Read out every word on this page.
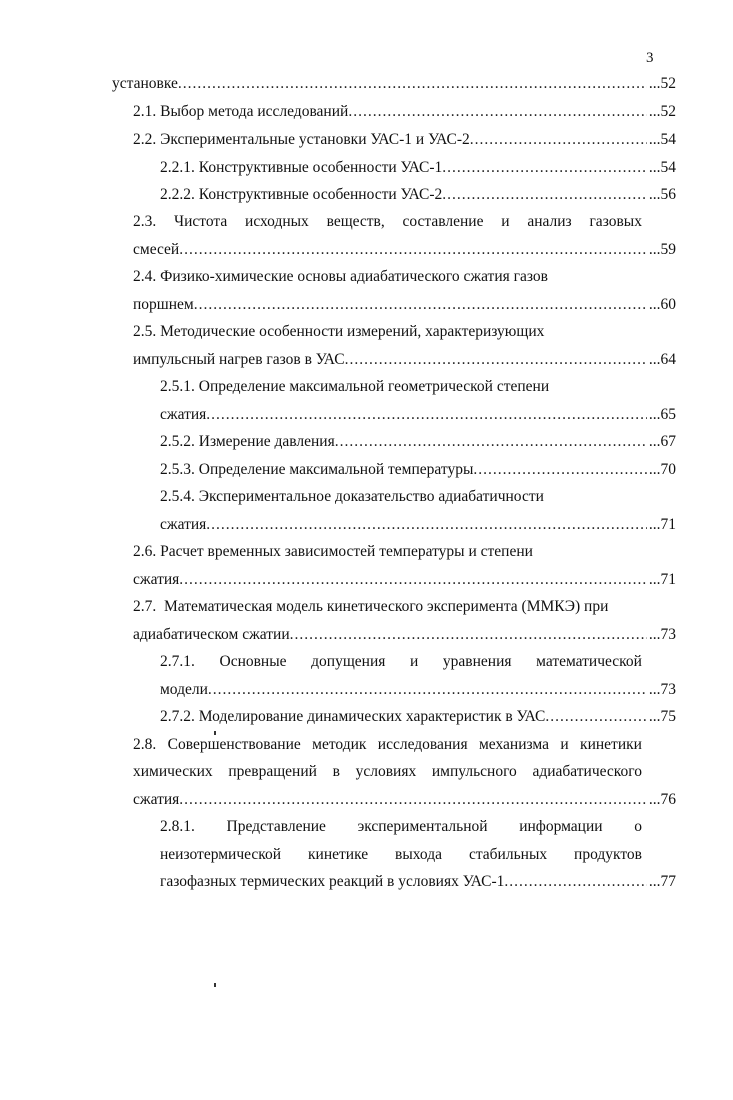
3
установке .....	...52
2.1. Выбор метода исследований .....	...52
2.2. Экспериментальные установки УАС-1 и УАС-2 .....	...54
2.2.1. Конструктивные особенности УАС-1 .....	...54
2.2.2. Конструктивные особенности УАС-2 .....	...56
2.3. Чистота исходных веществ, составление и анализ газовых
смесей .....	...59
2.4. Физико-химические основы адиабатического сжатия газов
поршнем .....	...60
2.5. Методические особенности измерений, характеризующих
импульсный нагрев газов в УАС .....	...64
2.5.1. Определение максимальной геометрической степени
сжатия .....	...65
2.5.2. Измерение давления .....	...67
2.5.3. Определение максимальной температуры .....	...70
2.5.4. Экспериментальное доказательство адиабатичности
сжатия .....	...71
2.6. Расчет временных зависимостей температуры и степени
сжатия .....	...71
2.7.  Математическая модель кинетического эксперимента (ММКЭ) при
адиабатическом сжатии .....	...73
2.7.1. Основные допущения и уравнения математической
модели .....	...73
2.7.2. Моделирование динамических характеристик в УАС .....	...75
2.8. Совершенствование методик исследования механизма и кинетики
химических превращений в условиях импульсного адиабатического
сжатия .....	...76
2.8.1. Представление экспериментальной информации о
неизотермической кинетике выхода стабильных продуктов
газофазных термических реакций в условиях УАС-1 .....	...77
